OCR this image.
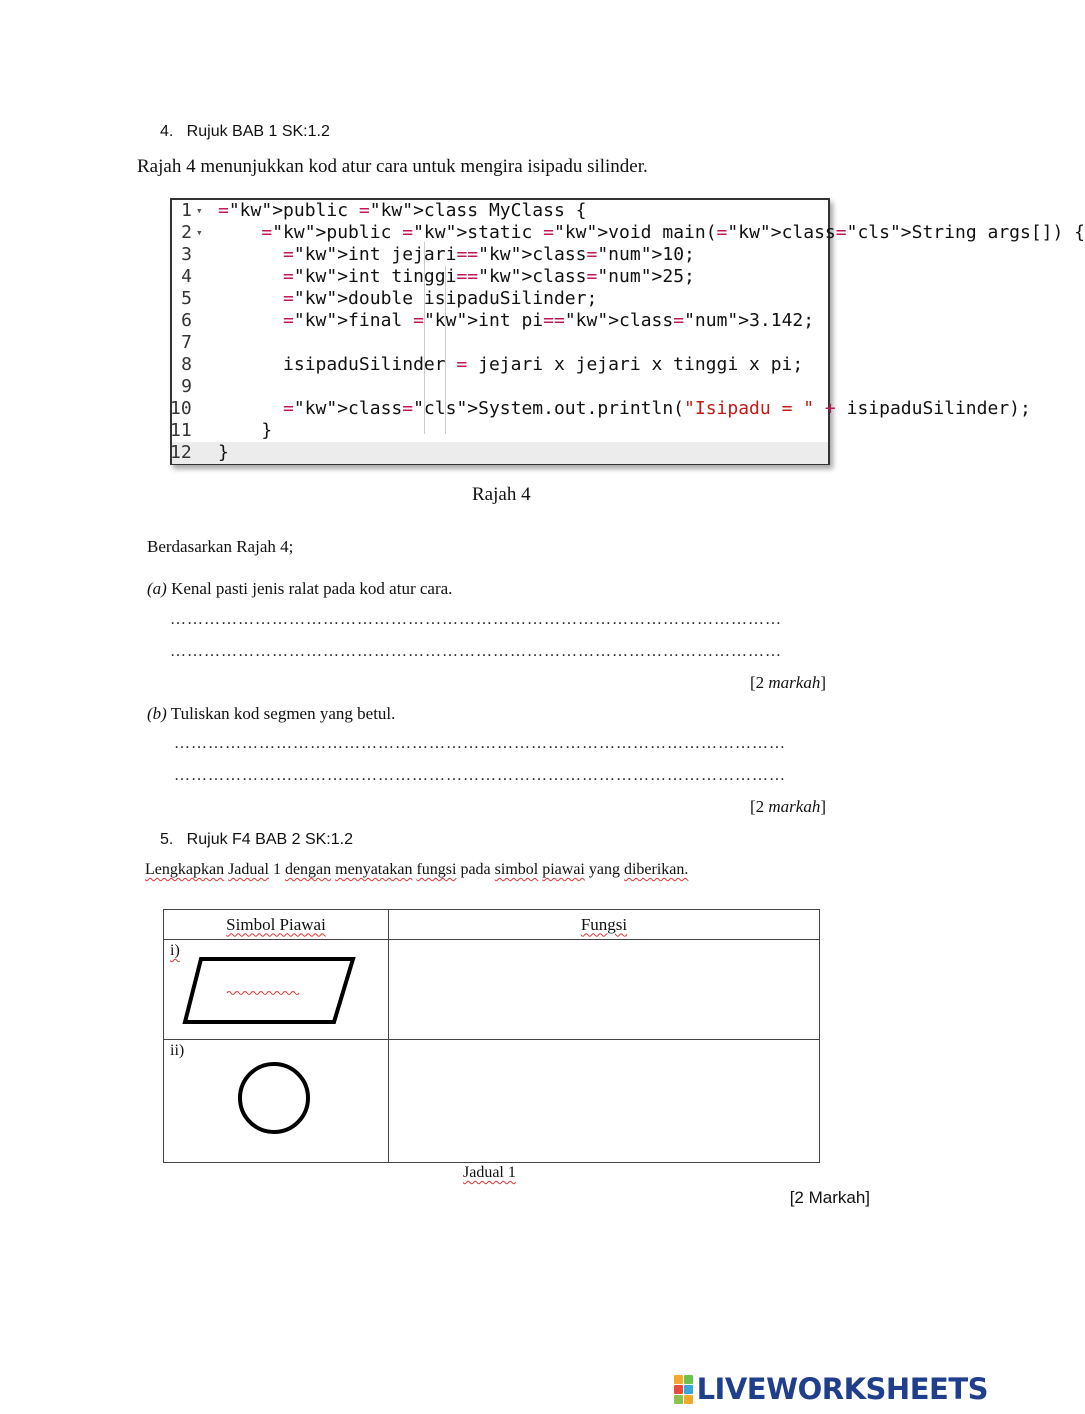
4.   Rujuk BAB 1 SK:1.2
Rajah 4 menunjukkan kod atur cara untuk mengira isipadu silinder.
1 ▾ ="kw">public ="kw">class MyClass {
2 ▾	="kw">public ="kw">static ="kw">void main(="kw">class="cls">String args[]) {
3	="kw">int jejari=="kw">class="num">10;
4	="kw">int tinggi=="kw">class="num">25;
5	="kw">double isipaduSilinder;
6	="kw">final ="kw">int pi=="kw">class="num">3.142;
7
8 isipaduSilinder = jejari x jejari x tinggi x pi;
9
10	="kw">class="cls">System.out.println("Isipadu = " + isipaduSilinder);
11 }
12 }
Rajah 4
Berdasarkan Rajah 4;
(a) Kenal pasti jenis ralat pada kod atur cara.
………………………………………………………………………………………………
………………………………………………………………………………………………
[2 markah]
(b) Tuliskan kod segmen yang betul.
………………………………………………………………………………………………
………………………………………………………………………………………………
[2 markah]
5.   Rujuk F4 BAB 2 SK:1.2
Lengkapkan Jadual 1 dengan menyatakan fungsi pada simbol piawai yang diberikan.
Simbol Piawai	Fungsi

i)	

ii)	

Jadual 1
[2 Markah]
LIVEWORKSHEETS
